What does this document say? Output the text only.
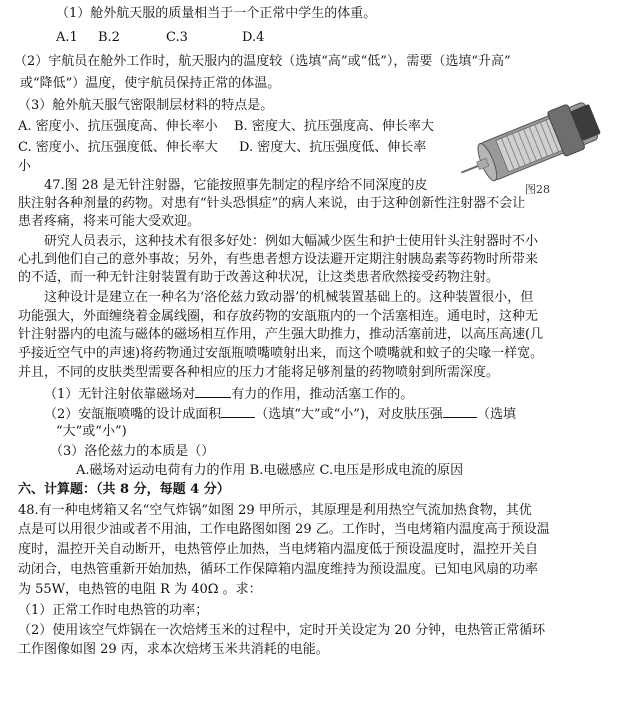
（1）舱外航天服的质量相当于一个正常中学生的体重。
A.1 B.2	C.3	D.4
（2）宇航员在舱外工作时，航天服内的温度较（选填“高”或“低”），需要（选填“升高”
或“降低”）温度，使宇航员保持正常的体温。
（3）舱外航天服气密限制层材料的特点是。
A. 密度小、抗压强度高、伸长率小 B. 密度大、抗压强度高、伸长率大
C. 密度小、抗压强度低、伸长率大 D. 密度大、抗压强度低、伸长率
小
图28
47.图 28 是无针注射器，它能按照事先制定的程序给不同深度的皮
肤注射各种剂量的药物。对患有“针头恐惧症”的病人来说，由于这种创新性注射器不会让
患者疼痛，将来可能大受欢迎。
研究人员表示，这种技术有很多好处：例如大幅减少医生和护士使用针头注射器时不小
心扎到他们自己的意外事故；另外，有些患者想方设法避开定期注射胰岛素等药物时所带来
的不适，而一种无针注射装置有助于改善这种状况，让这类患者欣然接受药物注射。
这种设计是建立在一种名为‘洛伦兹力致动器’的机械装置基础上的。这种装置很小，但
功能强大，外面缠绕着金属线圈，和存放药物的安瓿瓶内的一个活塞相连。通电时，这种无
针注射器内的电流与磁体的磁场相互作用，产生强大助推力，推动活塞前进，以高压高速(几
乎接近空气中的声速)将药物通过安瓿瓶喷嘴喷射出来，而这个喷嘴就和蚊子的尖喙一样宽。
并且，不同的皮肤类型需要各种相应的压力才能将足够剂量的药物喷射到所需深度。
（1）无针注射依靠磁场对	有力的作用，推动活塞工作的。
（2）安瓿瓶喷嘴的设计成面积	（选填“大”或“小”)，对皮肤压强	（选填
“大”或“小”)
（3）洛伦兹力的本质是（）
A.磁场对运动电荷有力的作用 B.电磁感应 C.电压是形成电流的原因
六、计算题：（共 8 分，每题 4 分）
48.有一种电烤箱又名“空气炸锅”如图 29 甲所示，其原理是利用热空气流加热食物，其优
点是可以用很少油或者不用油，工作电路图如图 29 乙。工作时，当电烤箱内温度高于预设温
度时，温控开关自动断开，电热管停止加热，当电烤箱内温度低于预设温度时，温控开关自
动闭合，电热管重新开始加热，循环工作保障箱内温度维持为预设温度。已知电风扇的功率
为 55W，电热管的电阻 R 为 40Ω 。求：
（1）正常工作时电热管的功率；
（2）使用该空气炸锅在一次焙烤玉米的过程中，定时开关设定为 20 分钟，电热管正常循环
工作图像如图 29 丙，求本次焙烤玉米共消耗的电能。
